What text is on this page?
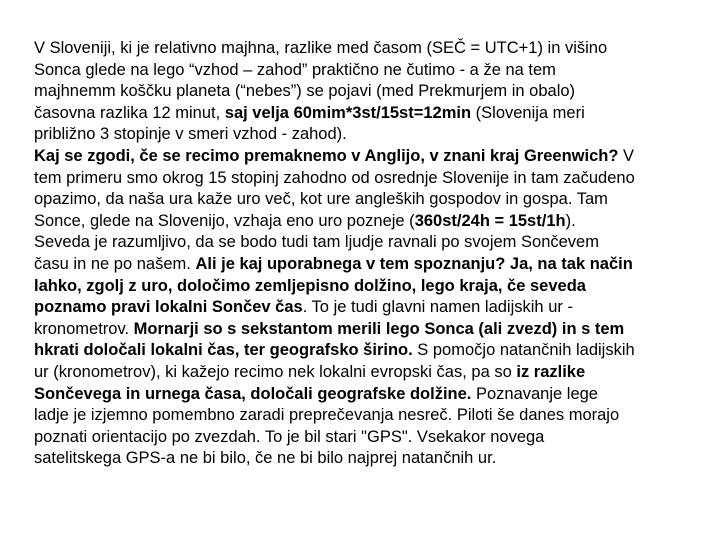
V Sloveniji, ki je relativno majhna, razlike med časom (SEČ = UTC+1) in višino
Sonca glede na lego “vzhod – zahod” praktično ne čutimo - a že na tem
majhnemm koščku planeta (“nebes”) se pojavi (med Prekmurjem in obalo)
časovna razlika 12 minut, saj velja 60mim*3st/15st=12min (Slovenija meri
približno 3 stopinje v smeri vzhod - zahod).
Kaj se zgodi, če se recimo premaknemo v Anglijo, v znani kraj Greenwich? V
tem primeru smo okrog 15 stopinj zahodno od osrednje Slovenije in tam začudeno
opazimo, da naša ura kaže uro več, kot ure angleških gospodov in gospa. Tam
Sonce, glede na Slovenijo, vzhaja eno uro pozneje (360st/24h = 15st/1h).
Seveda je razumljivo, da se bodo tudi tam ljudje ravnali po svojem Sončevem
času in ne po našem. Ali je kaj uporabnega v tem spoznanju? Ja, na tak način
lahko, zgolj z uro, določimo zemljepisno dolžino, lego kraja, če seveda
poznamo pravi lokalni Sončev čas. To je tudi glavni namen ladijskih ur -
kronometrov. Mornarji so s sekstantom merili lego Sonca (ali zvezd) in s tem
hkrati določali lokalni čas, ter geografsko širino. S pomočjo natančnih ladijskih
ur (kronometrov), ki kažejo recimo nek lokalni evropski čas, pa so iz razlike
Sončevega in urnega časa, določali geografske dolžine. Poznavanje lege
ladje je izjemno pomembno zaradi preprečevanja nesreč. Piloti še danes morajo
poznati orientacijo po zvezdah. To je bil stari "GPS". Vsekakor novega
satelitskega GPS-a ne bi bilo, če ne bi bilo najprej natančnih ur.
